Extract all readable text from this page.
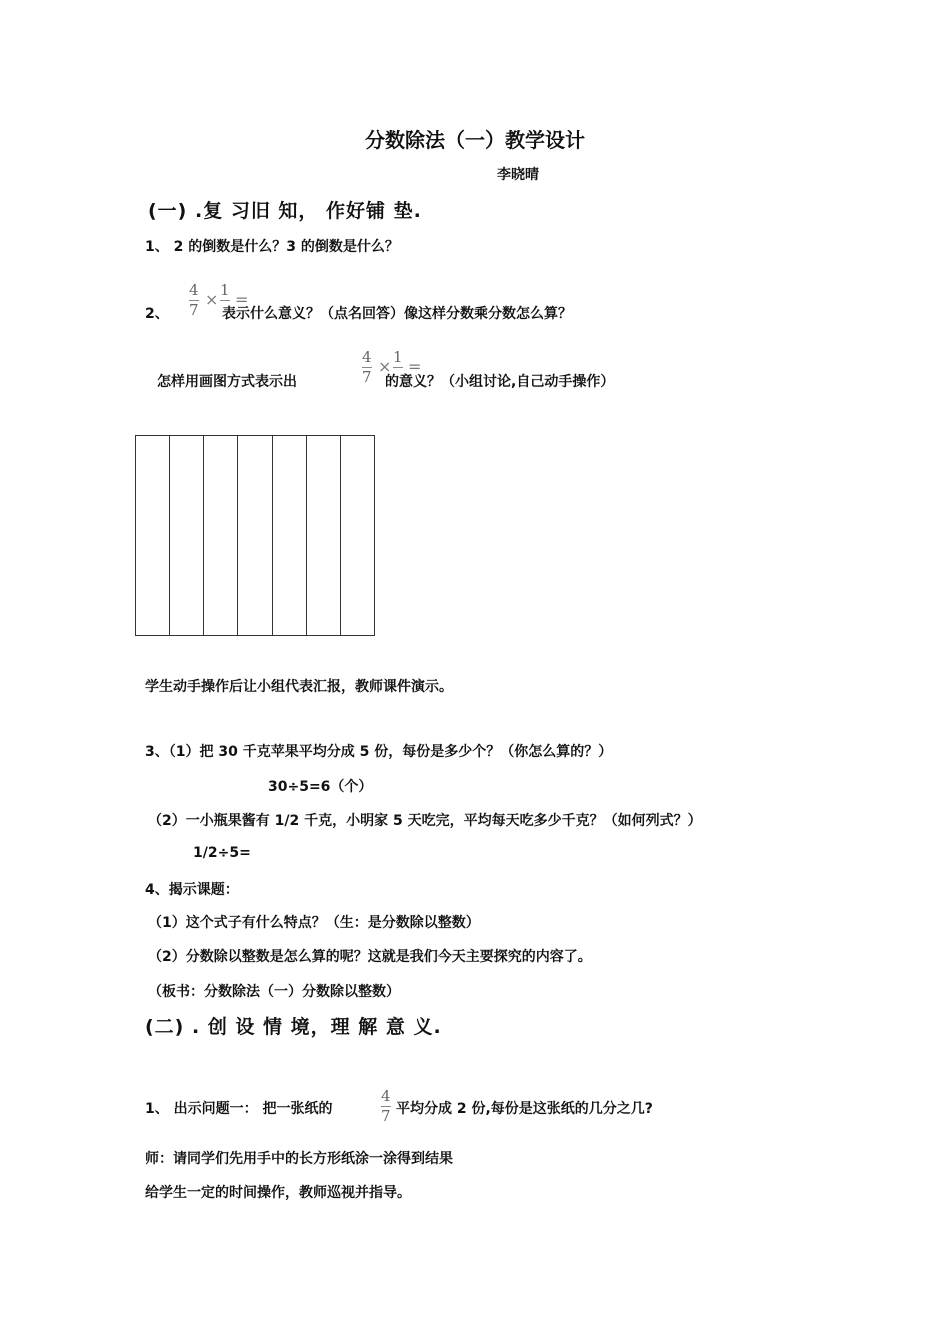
分数除法（一）教学设计
李晓晴
(一) .复 习旧 知， 作好铺 垫.
1、 2 的倒数是什么？3 的倒数是什么？
2、
4
7
× 1 =
表示什么意义？（点名回答）像这样分数乘分数怎么算？
怎样用画图方式表示出
4
7
× 1 =
的意义？（小组讨论,自己动手操作）
学生动手操作后让小组代表汇报，教师课件演示。
3、（1）把 30 千克苹果平均分成 5 份，每份是多少个？（你怎么算的？）
30÷5=6（个）
（2）一小瓶果酱有 1/2 千克，小明家 5 天吃完，平均每天吃多少千克？（如何列式？）
1/2÷5=
4、揭示课题：
（1）这个式子有什么特点？（生：是分数除以整数）
（2）分数除以整数是怎么算的呢？这就是我们今天主要探究的内容了。
（板书：分数除法（一）分数除以整数）
(二) . 创 设 情 境，理 解 意 义.
1、 出示问题一： 把一张纸的
4
7 平均分成 2 份,每份是这张纸的几分之几?
师：请同学们先用手中的长方形纸涂一涂得到结果
给学生一定的时间操作，教师巡视并指导。
